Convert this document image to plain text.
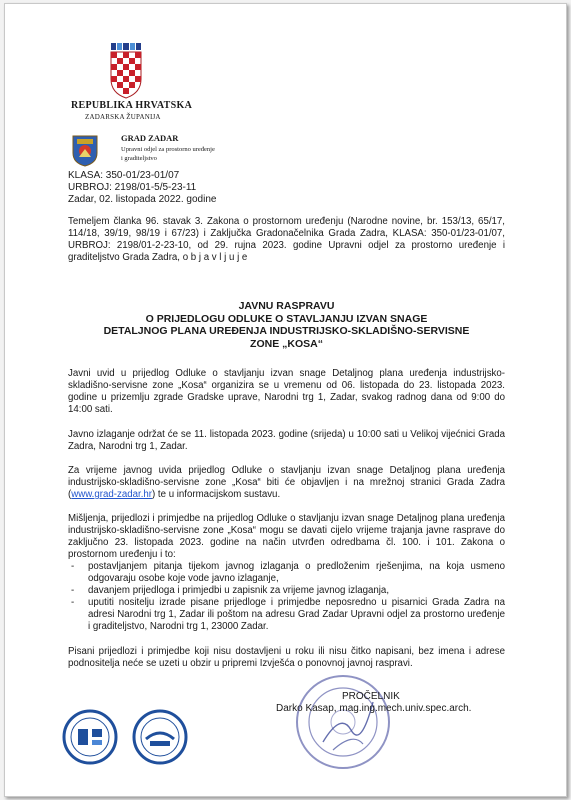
REPUBLIKA HRVATSKA
ZADARSKA ŽUPANIJA
GRAD ZADAR
Upravni odjel za prostorno uređenje
i graditeljstvo
KLASA: 350-01/23-01/07
URBROJ: 2198/01-5/5-23-11
Zadar, 02. listopada 2022. godine
Temeljem članka 96. stavak 3. Zakona o prostornom uređenju (Narodne novine, br. 153/13, 65/17, 114/18, 39/19, 98/19 i 67/23) i Zaključka Gradonačelnika Grada Zadra, KLASA: 350-01/23-01/07, URBROJ: 2198/01-2-23-10, od 29. rujna 2023. godine Upravni odjel za prostorno uređenje i graditeljstvo Grada Zadra, o b j a v l j u j e
JAVNU RASPRAVU
O PRIJEDLOGU ODLUKE O STAVLJANJU IZVAN SNAGE
DETALJNOG PLANA UREĐENJA INDUSTRIJSKO-SKLADIŠNO-SERVISNE
ZONE „KOSA“
Javni uvid u prijedlog Odluke o stavljanju izvan snage Detaljnog plana uređenja industrijsko-skladišno-servisne zone „Kosa“ organizira se u vremenu od 06. listopada do 23. listopada 2023. godine u prizemlju zgrade Gradske uprave, Narodni trg 1, Zadar, svakog radnog dana od 9:00 do 14:00 sati.
Javno izlaganje održat će se 11. listopada 2023. godine (srijeda) u 10:00 sati u Velikoj vijećnici Grada Zadra, Narodni trg 1, Zadar.
Za vrijeme javnog uvida prijedlog Odluke o stavljanju izvan snage Detaljnog plana uređenja industrijsko-skladišno-servisne zone „Kosa“ biti će objavljen i na mrežnoj stranici Grada Zadra (www.grad-zadar.hr) te u informacijskom sustavu.
Mišljenja, prijedlozi i primjedbe na prijedlog Odluke o stavljanju izvan snage Detaljnog plana uređenja industrijsko-skladišno-servisne zone „Kosa“ mogu se davati cijelo vrijeme trajanja javne rasprave do zaključno 23. listopada 2023. godine na način utvrđen odredbama čl. 100. i 101. Zakona o prostornom uređenju i to:
- postavljanjem pitanja tijekom javnog izlaganja o predloženim rješenjima, na koja usmeno odgovaraju osobe koje vode javno izlaganje,
- davanjem prijedloga i primjedbi u zapisnik za vrijeme javnog izlaganja,
- uputiti nositelju izrade pisane prijedloge i primjedbe neposredno u pisarnici Grada Zadra na adresi Narodni trg 1, Zadar ili poštom na adresu Grad Zadar Upravni odjel za prostorno uređenje i graditeljstvo, Narodni trg 1, 23000 Zadar.
Pisani prijedlozi i primjedbe koji nisu dostavljeni u roku ili nisu čitko napisani, bez imena i adrese podnositelja neće se uzeti u obzir u pripremi Izvješća o ponovnoj javnoj raspravi.
PROČELNIK
Darko Kasap, mag.ing.mech.univ.spec.arch.
